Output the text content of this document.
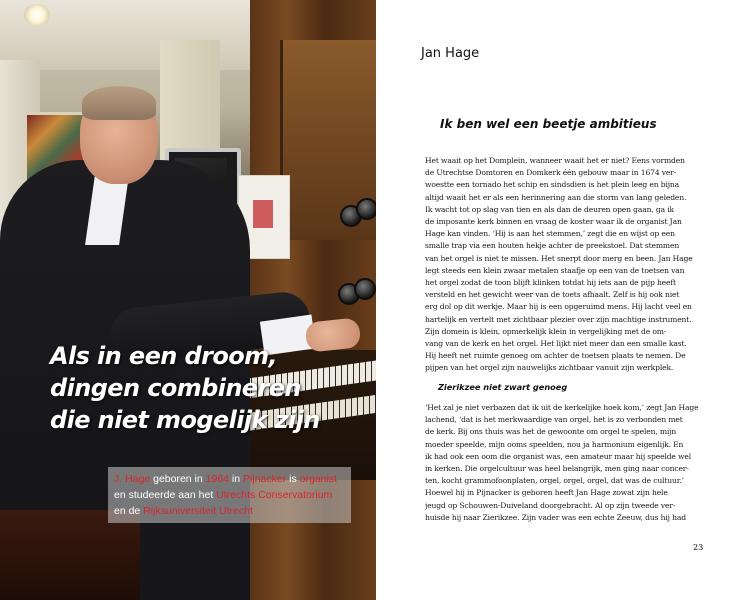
Als in een droom,
dingen combineren
die niet mogelijk zijn
J. Hage geboren in 1964 in Pijnacker is organist
en studeerde aan het Utrechts Conservatorium
en de Rijksuniversiteit Utrecht
Jan Hage
Ik ben wel een beetje ambitieus
Het waait op het Domplein, wanneer waait het er niet? Eens vormden
de Utrechtse Domtoren en Domkerk één gebouw maar in 1674 ver-
woestte een tornado het schip en sindsdien is het plein leeg en bijna
altijd waait het er als een herinnering aan die storm van lang geleden.
Ik wacht tot op slag van tien en als dan de deuren open gaan, ga ik
de imposante kerk binnen en vraag de koster waar ik de organist Jan
Hage kan vinden. ‘Hij is aan het stemmen,’ zegt die en wijst op een
smalle trap via een houten hekje achter de preekstoel. Dat stemmen
van het orgel is niet te missen. Het snerpt door merg en been. Jan Hage
legt steeds een klein zwaar metalen staafje op een van de toetsen van
het orgel zodat de toon blijft klinken totdat hij iets aan de pijp heeft
versteld en het gewicht weer van de toets afhaalt. Zelf is hij ook niet
erg dol op dit werkje. Maar hij is een opgeruimd mens. Hij lacht veel en
hartelijk en vertelt met zichtbaar plezier over zijn machtige instrument.
Zijn domein is klein, opmerkelijk klein in vergelijking met de om-
vang van de kerk en het orgel. Het lijkt niet meer dan een smalle kast.
Hij heeft net ruimte genoeg om achter de toetsen plaats te nemen. De
pijpen van het orgel zijn nauwelijks zichtbaar vanuit zijn werkplek.
Zierikzee niet zwart genoeg
‘Het zal je niet verbazen dat ik uit de kerkelijke hoek kom,’ zegt Jan Hage
lachend, ‘dat is het merkwaardige van orgel, het is zo verbonden met
de kerk. Bij ons thuis was het de gewoonte om orgel te spelen, mijn
moeder speelde, mijn ooms speelden, nou ja harmonium eigenlijk. En
ik had ook een oom die organist was, een amateur maar hij speelde wel
in kerken. Die orgelcultuur was heel belangrijk, men ging naar concer-
ten, kocht grammofoonplaten, orgel, orgel, orgel, dat was de cultuur.’
Hoewel hij in Pijnacker is geboren heeft Jan Hage zowat zijn hele
jeugd op Schouwen-Duiveland doorgebracht. Al op zijn tweede ver-
huisde hij naar Zierikzee. Zijn vader was een echte Zeeuw, dus hij had
23
